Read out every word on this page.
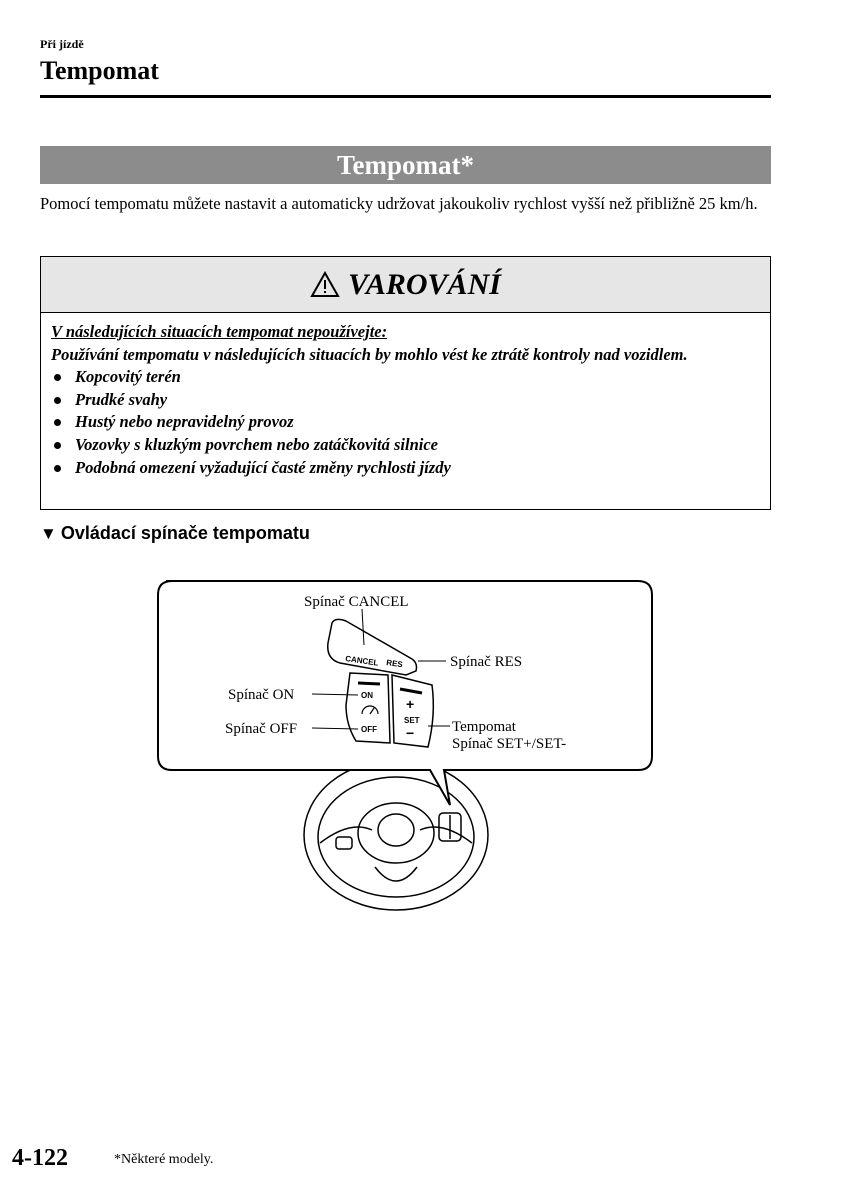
Při jízdě
Tempomat
Tempomat*
Pomocí tempomatu můžete nastavit a automaticky udržovat jakoukoliv rychlost vyšší než přibližně 25 km/h.
VAROVÁNÍ
V následujících situacích tempomat nepoužívejte:
Používání tempomatu v následujících situacích by mohlo vést ke ztrátě kontroly nad vozidlem.
Kopcovitý terén
Prudké svahy
Hustý nebo nepravidelný provoz
Vozovky s kluzkým povrchem nebo zatáčkovitá silnice
Podobná omezení vyžadující časté změny rychlosti jízdy
▼ Ovládací spínače tempomatu
CANCEL RES
ON
OFF
+
SET
−
Spínač CANCEL
Spínač RES
Spínač ON
Spínač OFF	Tempomat
Spínač SET+/SET-
4-122	*Některé modely.
